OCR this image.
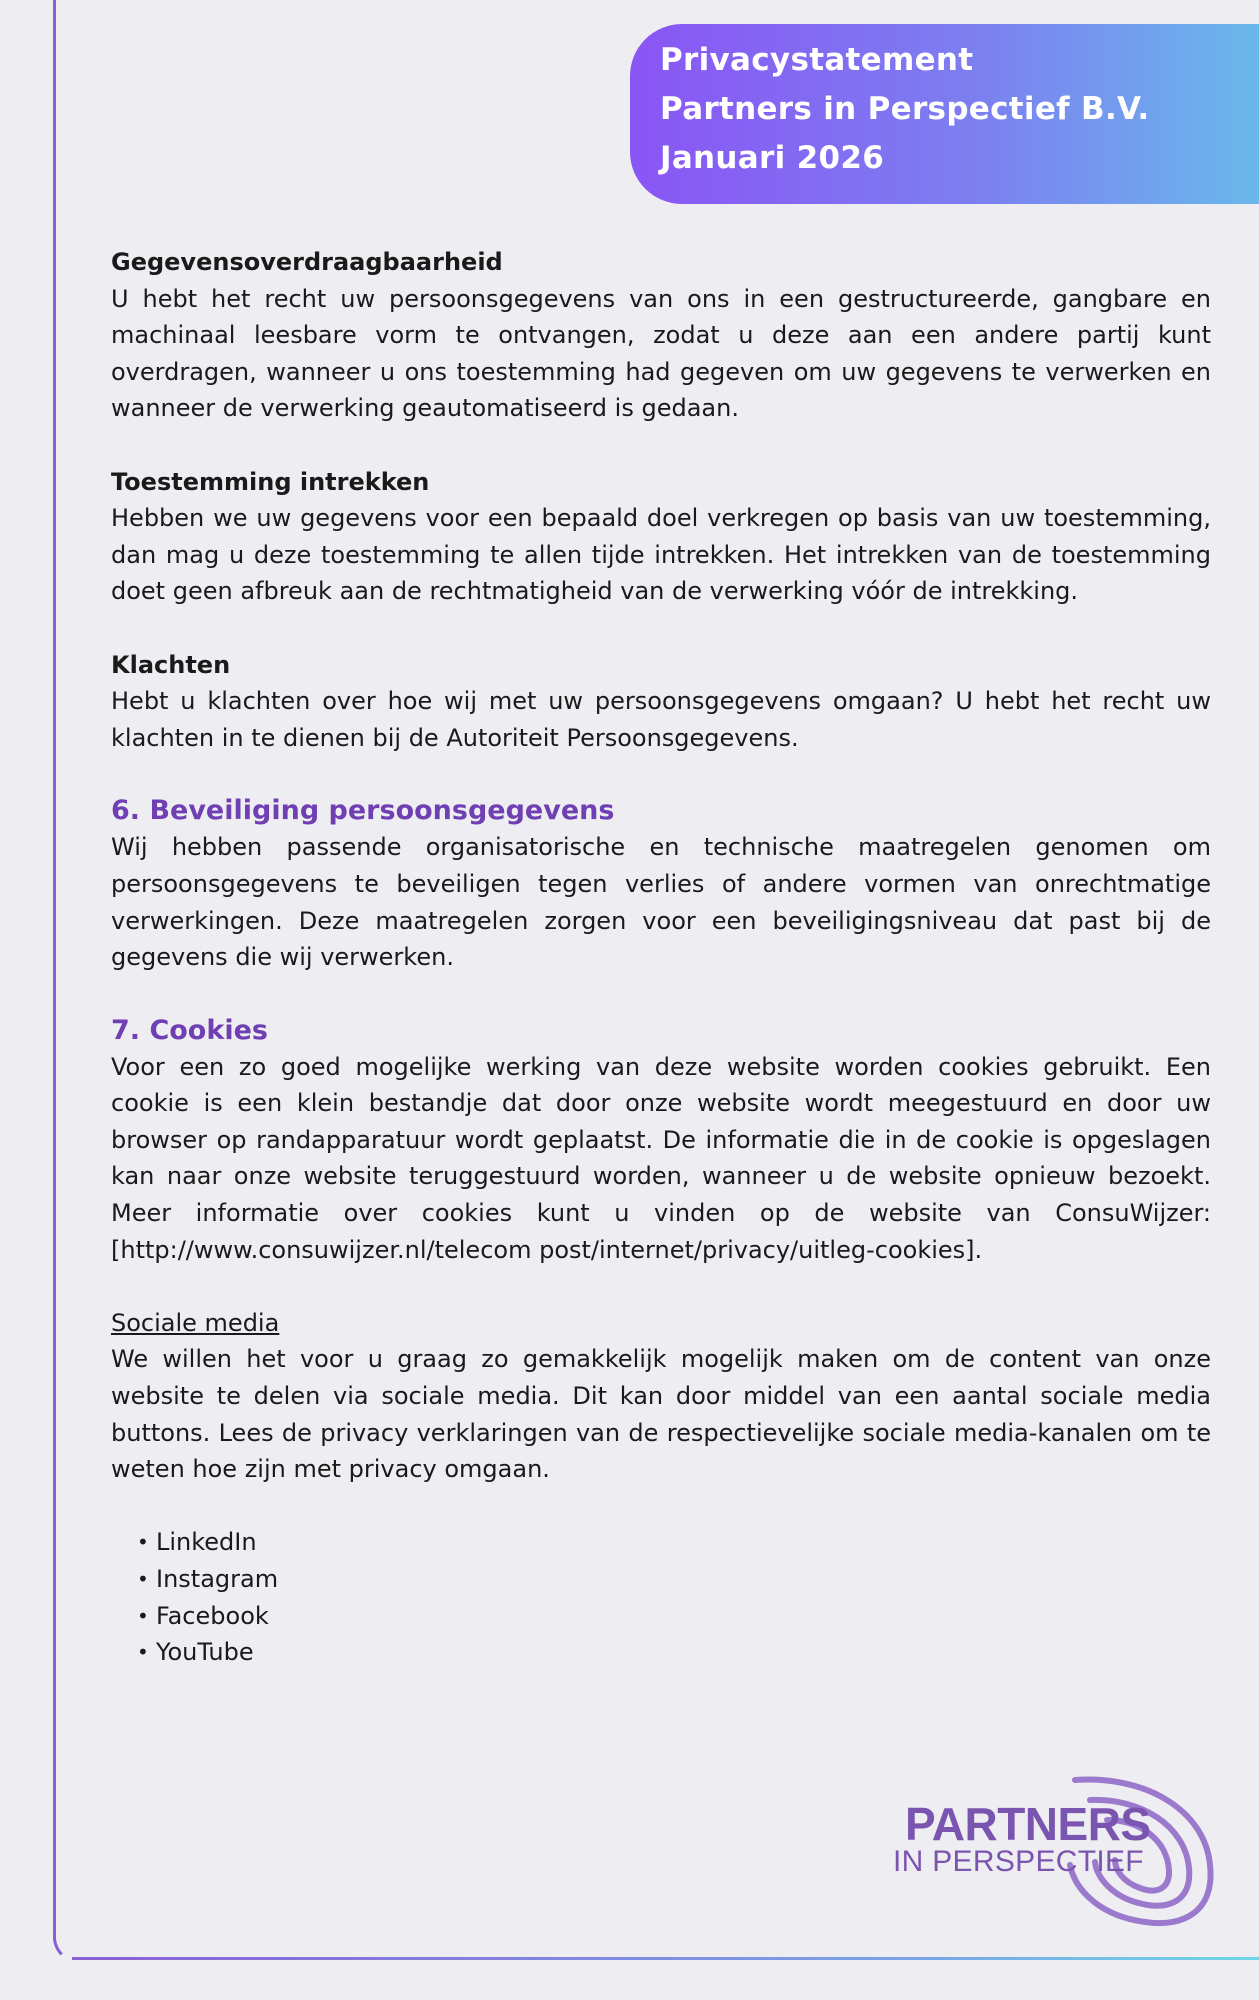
Privacystatement
Partners in Perspectief B.V.
Januari 2026
Gegevensoverdraagbaarheid

U hebt het recht uw persoonsgegevens van ons in een gestructureerde, gangbare en machinaal leesbare vorm te ontvangen, zodat u deze aan een andere partij kunt overdragen, wanneer u ons toestemming had gegeven om uw gegevens te verwerken en wanneer de verwerking geautomatiseerd is gedaan.

Toestemming intrekken

Hebben we uw gegevens voor een bepaald doel verkregen op basis van uw toestemming, dan mag u deze toestemming te allen tijde intrekken. Het intrekken van de toestemming doet geen afbreuk aan de rechtmatigheid van de verwerking vóór de intrekking.

Klachten

Hebt u klachten over hoe wij met uw persoonsgegevens omgaan? U hebt het recht uw klachten in te dienen bij de Autoriteit Persoonsgegevens.

6. Beveiliging persoonsgegevens

Wij hebben passende organisatorische en technische maatregelen genomen om persoonsgegevens te beveiligen tegen verlies of andere vormen van onrechtmatige verwerkingen. Deze maatregelen zorgen voor een beveiligingsniveau dat past bij de gegevens die wij verwerken.

7. Cookies

Voor een zo goed mogelijke werking van deze website worden cookies gebruikt. Een cookie is een klein bestandje dat door onze website wordt meegestuurd en door uw browser op randapparatuur wordt geplaatst. De informatie die in de cookie is opgeslagen kan naar onze website teruggestuurd worden, wanneer u de website opnieuw bezoekt. Meer informatie over cookies kunt u vinden op de website van ConsuWijzer: [http://www.consuwijzer.nl/telecom post/internet/privacy/uitleg-cookies].

Sociale media

We willen het voor u graag zo gemakkelijk mogelijk maken om de content van onze website te delen via sociale media. Dit kan door middel van een aantal sociale media buttons. Lees de privacy verklaringen van de respectievelijke sociale media-kanalen om te weten hoe zijn met privacy omgaan.

• LinkedIn
• Instagram
• Facebook
• YouTube
PARTNERS
IN PERSPECTIEF
